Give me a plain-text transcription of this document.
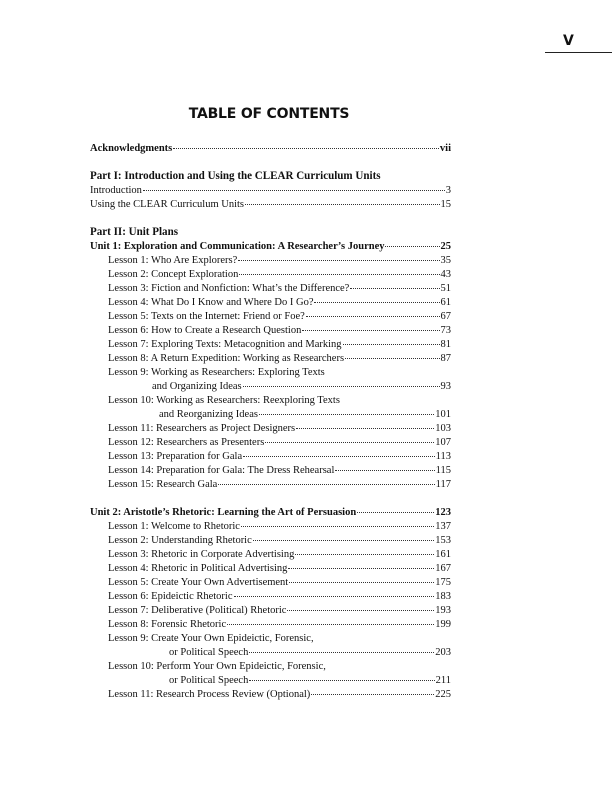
V
TABLE OF CONTENTS
Acknowledgments	vii
Part I: Introduction and Using the CLEAR Curriculum Units
Introduction	3
Using the CLEAR Curriculum Units	15
Part II: Unit Plans
Unit 1: Exploration and Communication: A Researcher’s Journey	25
Lesson 1: Who Are Explorers?	35
Lesson 2: Concept Exploration	43
Lesson 3: Fiction and Nonfiction: What’s the Difference?	51
Lesson 4: What Do I Know and Where Do I Go?	61
Lesson 5: Texts on the Internet: Friend or Foe?	67
Lesson 6: How to Create a Research Question	73
Lesson 7: Exploring Texts: Metacognition and Marking	81
Lesson 8: A Return Expedition: Working as Researchers	87
Lesson 9: Working as Researchers: Exploring Texts
and Organizing Ideas	93
Lesson 10: Working as Researchers: Reexploring Texts
and Reorganizing Ideas	101
Lesson 11: Researchers as Project Designers	103
Lesson 12: Researchers as Presenters	107
Lesson 13: Preparation for Gala	113
Lesson 14: Preparation for Gala: The Dress Rehearsal	115
Lesson 15: Research Gala	117
Unit 2: Aristotle’s Rhetoric: Learning the Art of Persuasion	123
Lesson 1: Welcome to Rhetoric	137
Lesson 2: Understanding Rhetoric	153
Lesson 3: Rhetoric in Corporate Advertising	161
Lesson 4: Rhetoric in Political Advertising	167
Lesson 5: Create Your Own Advertisement	175
Lesson 6: Epideictic Rhetoric	183
Lesson 7: Deliberative (Political) Rhetoric	193
Lesson 8: Forensic Rhetoric	199
Lesson 9: Create Your Own Epideictic, Forensic,
or Political Speech	203
Lesson 10: Perform Your Own Epideictic, Forensic,
or Political Speech	211
Lesson 11: Research Process Review (Optional)	225
